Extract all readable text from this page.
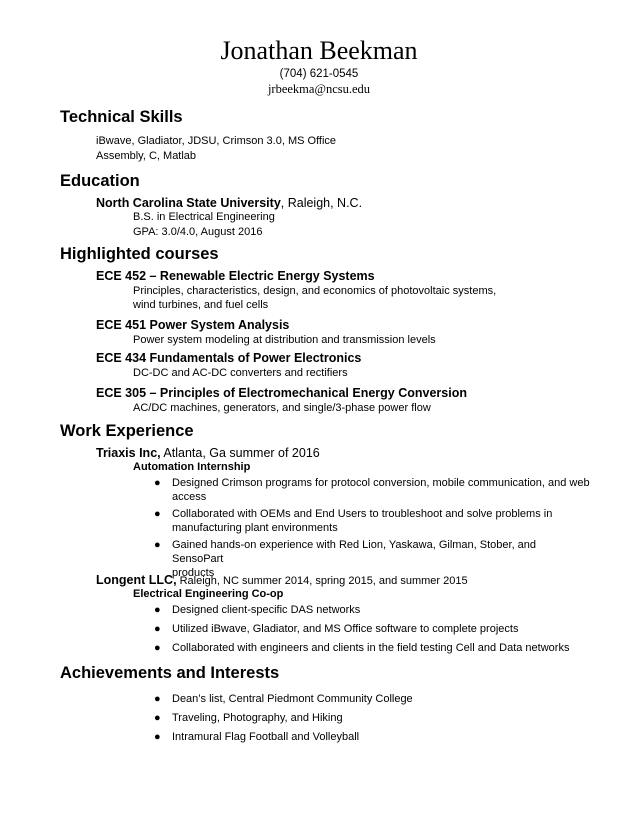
Jonathan Beekman
(704) 621-0545
jrbeekma@ncsu.edu
Technical Skills
iBwave, Gladiator, JDSU, Crimson 3.0, MS Office
Assembly, C, Matlab
Education
North Carolina State University, Raleigh, N.C.
B.S. in Electrical Engineering
GPA: 3.0/4.0, August 2016
Highlighted courses
ECE 452 – Renewable Electric Energy Systems
Principles, characteristics, design, and economics of photovoltaic systems,
wind turbines, and fuel cells
ECE 451 Power System Analysis
Power system modeling at distribution and transmission levels
ECE 434 Fundamentals of Power Electronics
DC-DC and AC-DC converters and rectifiers
ECE 305 – Principles of Electromechanical Energy Conversion
AC/DC machines, generators, and single/3-phase power flow
Work Experience
Triaxis Inc, Atlanta, Ga summer of 2016
Automation Internship
● Designed Crimson programs for protocol conversion, mobile communication, and web
access
● Collaborated with OEMs and End Users to troubleshoot and solve problems in
manufacturing plant environments
● Gained hands-on experience with Red Lion, Yaskawa, Gilman, Stober, and SensoPart
products
Longent LLC, Raleigh, NC summer 2014, spring 2015, and summer 2015
Electrical Engineering Co-op
● Designed client-specific DAS networks
● Utilized iBwave, Gladiator, and MS Office software to complete projects
● Collaborated with engineers and clients in the field testing Cell and Data networks
Achievements and Interests
● Dean’s list, Central Piedmont Community College
● Traveling, Photography, and Hiking
● Intramural Flag Football and Volleyball
